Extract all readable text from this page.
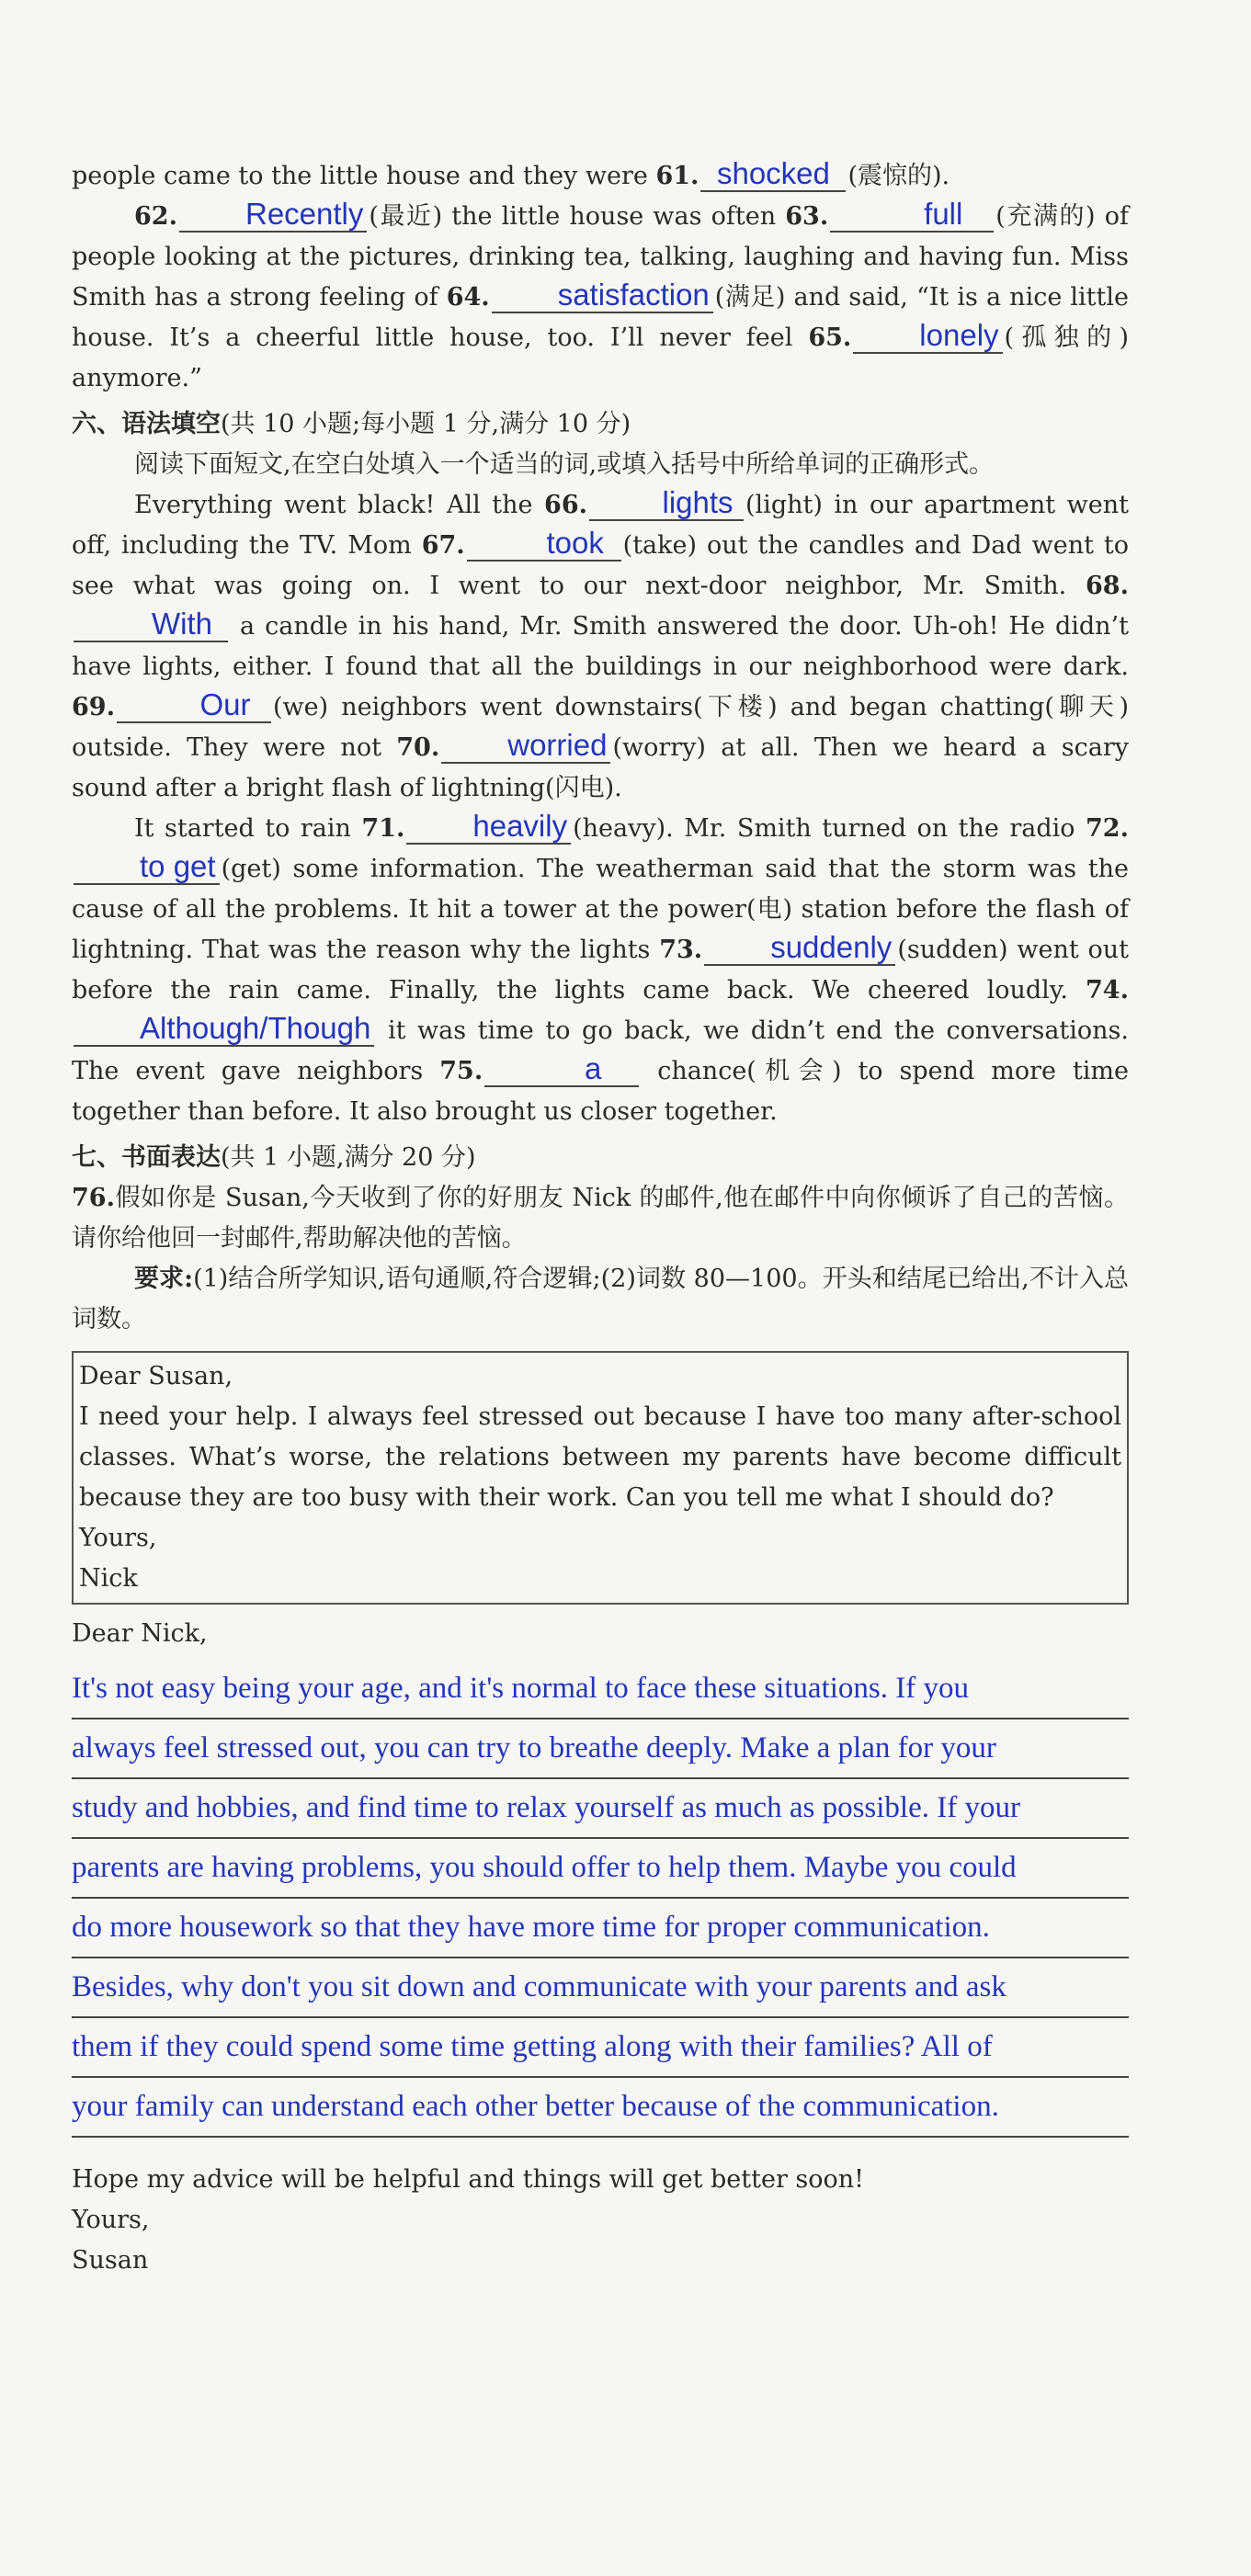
people came to the little house and they were 61. shocked (震惊的).

62. Recently (最近) the little house was often 63.	full (充满的) of people looking at the pictures, drinking tea, talking, laughing and having fun. Miss Smith has a strong feeling of 64. satisfaction (满足) and said, “It is a nice little house. It’s a cheerful little house, too. I’ll never feel 65. lonely (孤独的) anymore.”

六、语法填空(共 10 小题;每小题 1 分,满分 10 分)

阅读下面短文,在空白处填入一个适当的词,或填入括号中所给单词的正确形式。

Everything went black! All the 66. lights (light) in our apartment went off, including the TV. Mom 67.	took (take) out the candles and Dad went to see what was going on. I went to our next-door neighbor, Mr. Smith. 68.With a candle in his hand, Mr. Smith answered the door. Uh-oh! He didn’t have lights, either. I found that all the buildings in our neighborhood were dark. 69.	Our (we) neighbors went downstairs(下楼) and began chatting(聊天) outside. They were not 70. worried (worry) at all. Then we heard a scary sound after a bright flash of lightning(闪电).

It started to rain 71. heavily (heavy). Mr. Smith turned on the radio 72.to get (get) some information. The weatherman said that the storm was the cause of all the problems. It hit a tower at the power(电) station before the flash of lightning. That was the reason why the lights 73. suddenly (sudden) went out before the rain came. Finally, the lights came back. We cheered loudly. 74.Although/Though it was time to go back, we didn’t end the conversations. The event gave neighbors 75.	a chance(机会) to spend more time together than before. It also brought us closer together.

七、书面表达(共 1 小题,满分 20 分)

76.假如你是 Susan,今天收到了你的好朋友 Nick 的邮件,他在邮件中向你倾诉了自己的苦恼。请你给他回一封邮件,帮助解决他的苦恼。

要求:(1)结合所学知识,语句通顺,符合逻辑;(2)词数 80—100。开头和结尾已给出,不计入总词数。

Dear Susan,
I need your help. I always feel stressed out because I have too many after-school classes. What’s worse, the relations between my parents have become difficult because they are too busy with their work. Can you tell me what I should do?
Yours,
Nick
Dear Nick,
It's not easy being your age, and it's normal to face these situations. If you
always feel stressed out, you can try to breathe deeply. Make a plan for your
study and hobbies, and find time to relax yourself as much as possible. If your
parents are having problems, you should offer to help them. Maybe you could
do more housework so that they have more time for proper communication.
Besides, why don't you sit down and communicate with your parents and ask
them if they could spend some time getting along with their families? All of
your family can understand each other better because of the communication.
Hope my advice will be helpful and things will get better soon!
Yours,
Susan
